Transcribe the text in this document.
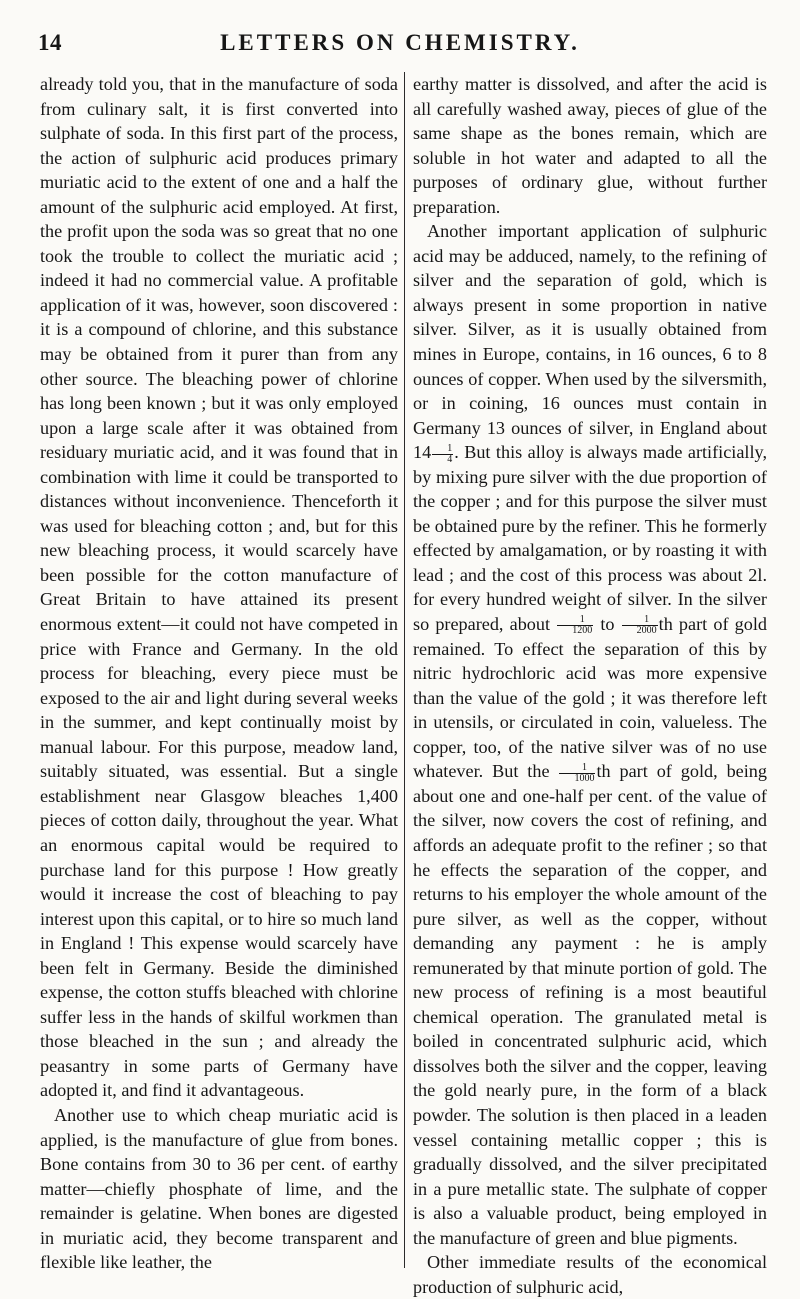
14	LETTERS ON CHEMISTRY.

already told you, that in the manufacture of soda from culinary salt, it is first converted into sulphate of soda. In this first part of the process, the action of sulphuric acid produces primary muriatic acid to the extent of one and a half the amount of the sulphuric acid employed. At first, the profit upon the soda was so great that no one took the trouble to collect the muriatic acid ; indeed it had no commercial value. A profitable application of it was, however, soon discovered : it is a compound of chlorine, and this substance may be obtained from it purer than from any other source. The bleaching power of chlorine has long been known ; but it was only employed upon a large scale after it was obtained from residuary muriatic acid, and it was found that in combination with lime it could be transported to distances without inconvenience. Thenceforth it was used for bleaching cotton ; and, but for this new bleaching process, it would scarcely have been possible for the cotton manufacture of Great Britain to have attained its present enormous extent—it could not have competed in price with France and Germany. In the old process for bleaching, every piece must be exposed to the air and light during several weeks in the summer, and kept continually moist by manual labour. For this purpose, meadow land, suitably situated, was essential. But a single establishment near Glasgow bleaches 1,400 pieces of cotton daily, throughout the year. What an enormous capital would be required to purchase land for this purpose ! How greatly would it increase the cost of bleaching to pay interest upon this capital, or to hire so much land in England ! This expense would scarcely have been felt in Germany. Beside the diminished expense, the cotton stuffs bleached with chlorine suffer less in the hands of skilful workmen than those bleached in the sun ; and already the peasantry in some parts of Germany have adopted it, and find it advantageous.

Another use to which cheap muriatic acid is applied, is the manufacture of glue from bones. Bone contains from 30 to 36 per cent. of earthy matter—chiefly phosphate of lime, and the remainder is gelatine. When bones are digested in muriatic acid, they become transparent and flexible like leather, the

earthy matter is dissolved, and after the acid is all carefully washed away, pieces of glue of the same shape as the bones remain, which are soluble in hot water and adapted to all the purposes of ordinary glue, without further preparation.

Another important application of sulphuric acid may be adduced, namely, to the refining of silver and the separation of gold, which is always present in some proportion in native silver. Silver, as it is usually obtained from mines in Europe, contains, in 16 ounces, 6 to 8 ounces of copper. When used by the silversmith, or in coining, 16 ounces must contain in Germany 13 ounces of silver, in England about $14 \frac{1}{4}$ . But this alloy is always made artificially, by mixing pure silver with the due proportion of the copper ; and for this purpose the silver must be obtained pure by the refiner. This he formerly effected by amalgamation, or by roasting it with lead ; and the cost of this process was about 2l. for every hundred weight of silver. In the silver so prepared, about $\frac{1}{1200}$ to $\frac{1}{2000}$ th part of gold remained. To effect the separation of this by nitric hydrochloric acid was more expensive than the value of the gold ; it was therefore left in utensils, or circulated in coin, valueless. The copper, too, of the native silver was of no use whatever. But the $\frac{1}{1000}$ th part of gold, being about one and one-half per cent. of the value of the silver, now covers the cost of refining, and affords an adequate profit to the refiner ; so that he effects the separation of the copper, and returns to his employer the whole amount of the pure silver, as well as the copper, without demanding any payment : he is amply remunerated by that minute portion of gold. The new process of refining is a most beautiful chemical operation. The granulated metal is boiled in concentrated sulphuric acid, which dissolves both the silver and the copper, leaving the gold nearly pure, in the form of a black powder. The solution is then placed in a leaden vessel containing metallic copper ; this is gradually dissolved, and the silver precipitated in a pure metallic state. The sulphate of copper is also a valuable product, being employed in the manufacture of green and blue pigments.

Other immediate results of the economical production of sulphuric acid,
